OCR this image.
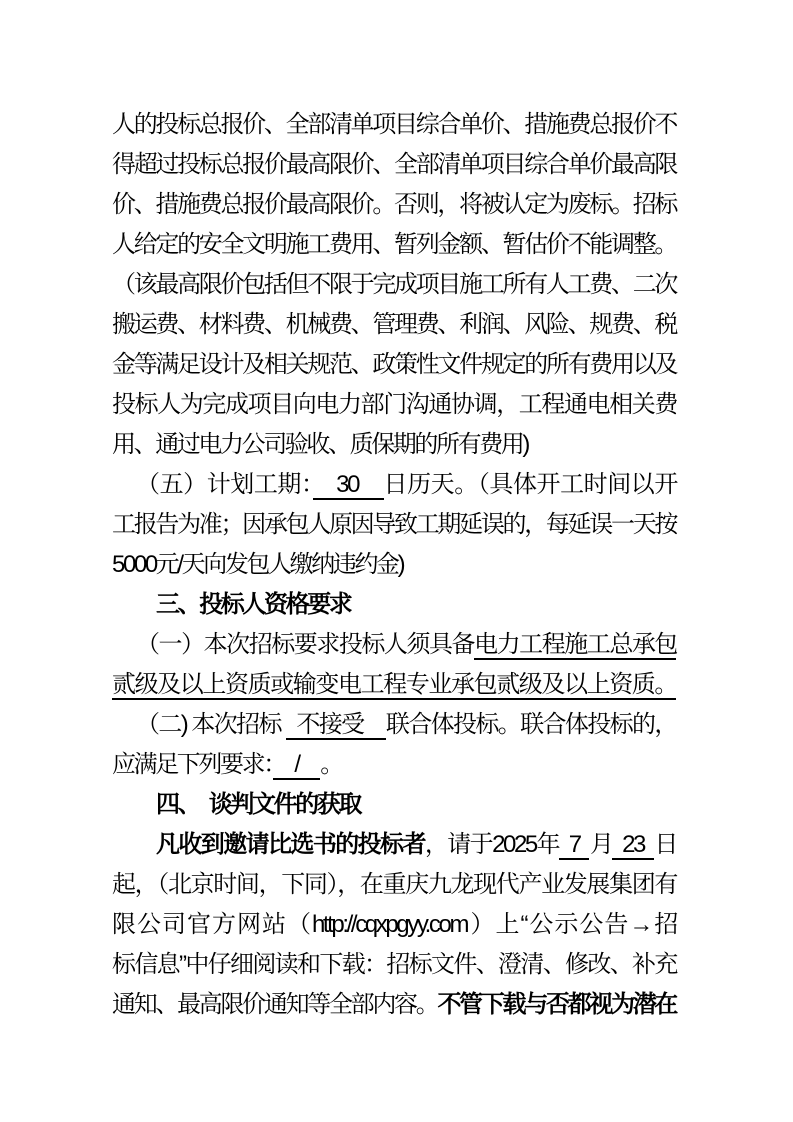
人的投标总报价、全部清单项目综合单价、措施费总报价不
得超过投标总报价最高限价、全部清单项目综合单价最高限
价、措施费总报价最高限价。否则，将被认定为废标。招标
人给定的安全文明施工费用、暂列金额、暂估价不能调整。
（该最高限价包括但不限于完成项目施工所有人工费、二次
搬运费、材料费、机械费、管理费、利润、风险、规费、税
金等满足设计及相关规范、政策性文件规定的所有费用以及
投标人为完成项目向电力部门沟通协调，工程通电相关费
用、通过电力公司验收、质保期的所有费用)
（五）计划工期：　30　日历天。（具体开工时间以开
工报告为准；因承包人原因导致工期延误的，每延误一天按
5000元/天向发包人缴纳违约金)
三、投标人资格要求
（一）本次招标要求投标人须具备电力工程施工总承包
贰级及以上资质或输变电工程专业承包贰级及以上资质。
（二) 本次招标  不接受　联合体投标。联合体投标的，
应满足下列要求：　/　。
四、　谈判文件的获取
凡收到邀请比选书的投标者，请于2025年 7 月 23 日
起，（北京时间，下同），在重庆九龙现代产业发展集团有
限公司官方网站（http://cqxpgyy.com）上“公示公告→招
标信息”中仔细阅读和下载：招标文件、澄清、修改、补充
通知、最高限价通知等全部内容。不管下载与否都视为潜在
